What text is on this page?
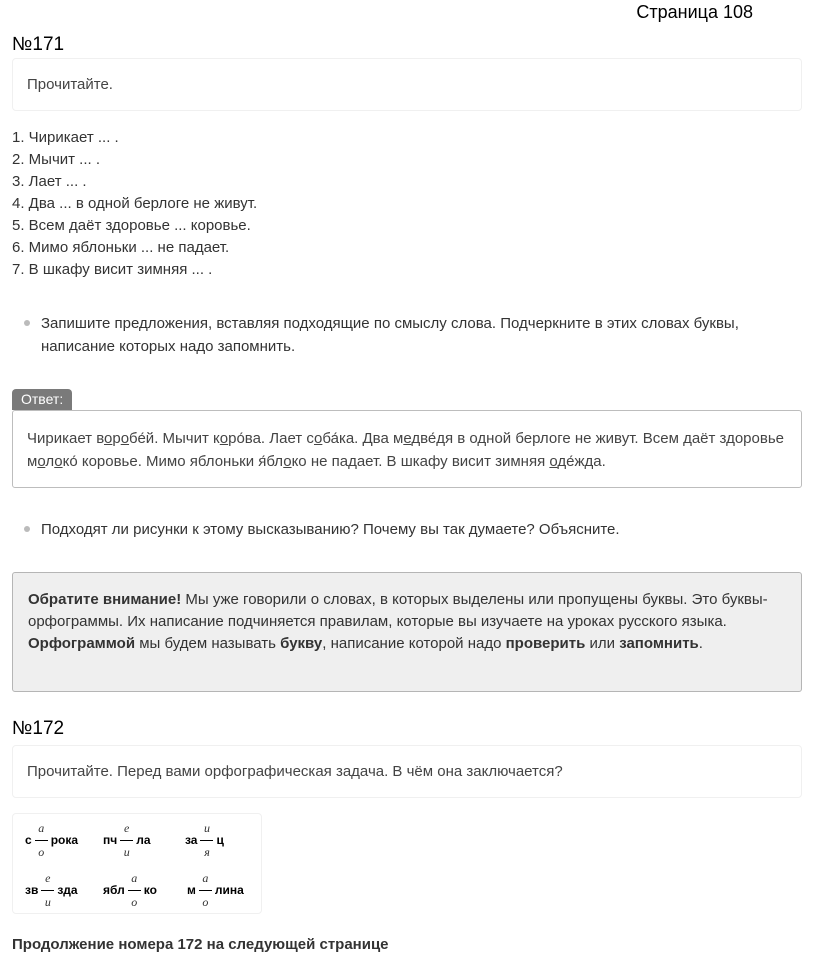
Страница 108
№171
Прочитайте.
1. Чирикает ... .
2. Мычит ... .
3. Лает ... .
4. Два ... в одной берлоге не живут.
5. Всем даёт здоровье ... коровье.
6. Мимо яблоньки ... не падает.
7. В шкафу висит зимняя ... .
Запишите предложения, вставляя подходящие по смыслу слова. Подчеркните в этих словах буквы, написание которых надо запомнить.
Ответ:
Чирикает воробе́й. Мычит коро́ва. Лает соба́ка. Два медве́дя в одной берлоге не живут. Всем даёт здоровье молоко́ коровье. Мимо яблоньки я́блоко не падает. В шкафу висит зимняя оде́жда.
Подходят ли рисунки к этому высказыванию? Почему вы так думаете? Объясните.
Обратите внимание! Мы уже говорили о словах, в которых выделены или пропущены буквы. Это буквы-орфограммы. Их написание подчиняется правилам, которые вы изучаете на уроках русского языка.
Орфограммой мы будем называть букву, написание которой надо проверить или запомнить.
№172
Прочитайте. Перед вами орфографическая задача. В чём она заключается?
с
а
о
рока пч
е
и
ла	за
и
я
ц
зв
е
и
зда ябл
а
о
ко	м
а
о
лина
Продолжение номера 172 на следующей странице
